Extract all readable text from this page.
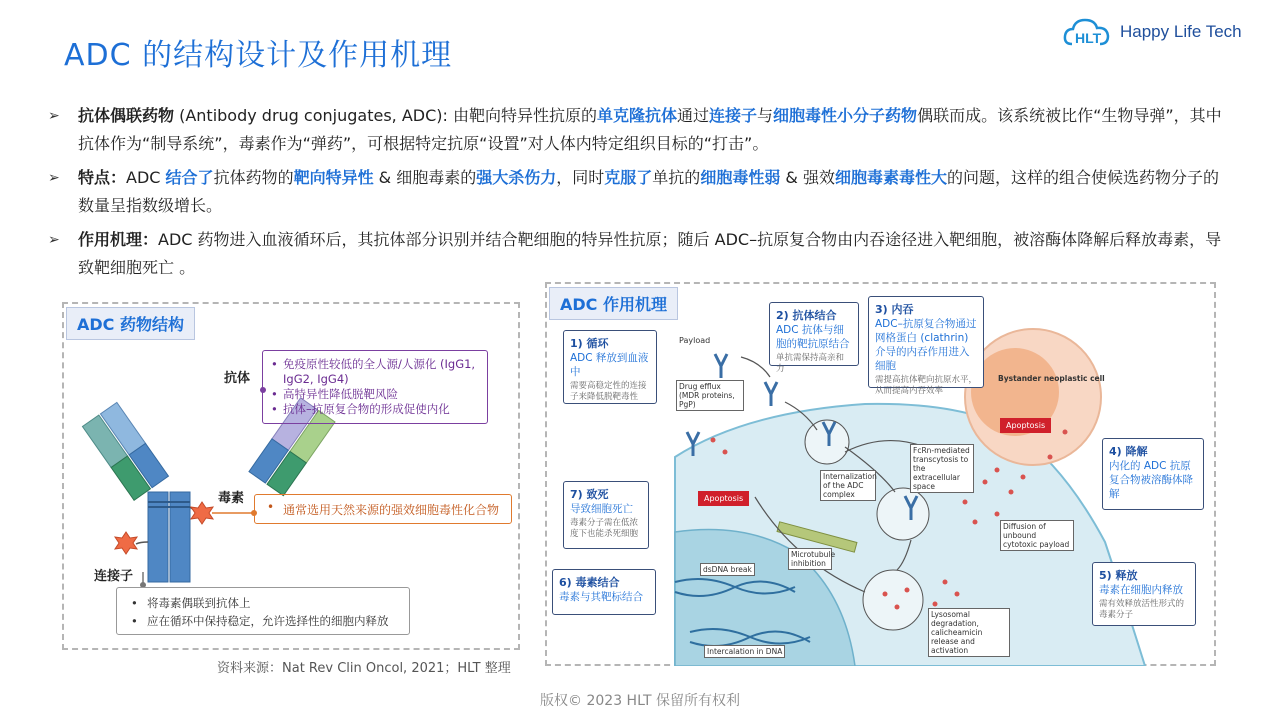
ADC 的结构设计及作用机理	HLT Happy Life Tech
➢ 抗体偶联药物 (Antibody drug conjugates, ADC): 由靶向特异性抗原的单克隆抗体通过连接子与细胞毒性小分子药物偶联而成。该系统被比作“生物导弹”，其中抗体作为“制导系统”，毒素作为“弹药”，可根据特定抗原“设置”对人体内特定组织目标的“打击”。
➢ 特点：ADC 结合了抗体药物的靶向特异性 & 细胞毒素的强大杀伤力，同时克服了单抗的细胞毒性弱 & 强效细胞毒素毒性大的问题，这样的组合使候选药物分子的数量呈指数级增长。
➢ 作用机理：ADC 药物进入血液循环后，其抗体部分识别并结合靶细胞的特异性抗原；随后 ADC–抗原复合物由内吞途径进入靶细胞，被溶酶体降解后释放毒素，导致靶细胞死亡 。
ADC 药物结构
抗体
毒素
连接子
• 免疫原性较低的全人源/人源化 (IgG1, IgG2, IgG4)
• 高特异性降低脱靶风险
• 抗体–抗原复合物的形成促使内化
• 通常选用天然来源的强效细胞毒性化合物
• 将毒素偶联到抗体上
• 应在循环中保持稳定，允许选择性的细胞内释放
资料来源：Nat Rev Clin Oncol, 2021；HLT 整理
ADC 作用机理
Payload
Drug efflux (MDR proteins, PgP)
Internalization of the ADC complex
FcRn-mediated transcytosis to the extracellular space
Bystander neoplastic cell
Apoptosis
Apoptosis
Diffusion of unbound cytotoxic payload
Microtubule inhibition
dsDNA break
Lysosomal degradation, calicheamicin release and activation
Intercalation in DNA
1) 循环
ADC 释放到血液中
需要高稳定性的连接子来降低脱靶毒性
2) 抗体结合
ADC 抗体与细胞的靶抗原结合
单抗需保持高亲和力
3) 内吞
ADC–抗原复合物通过网格蛋白 (clathrin) 介导的内吞作用进入细胞
需提高抗体靶向抗原水平，从而提高内吞效率
4) 降解
内化的 ADC 抗原复合物被溶酶体降解
5) 释放
毒素在细胞内释放
需有效释放活性形式的毒素分子
6) 毒素结合
毒素与其靶标结合
7) 致死
导致细胞死亡
毒素分子需在低浓度下也能杀死细胞
版权© 2023 HLT 保留所有权利
